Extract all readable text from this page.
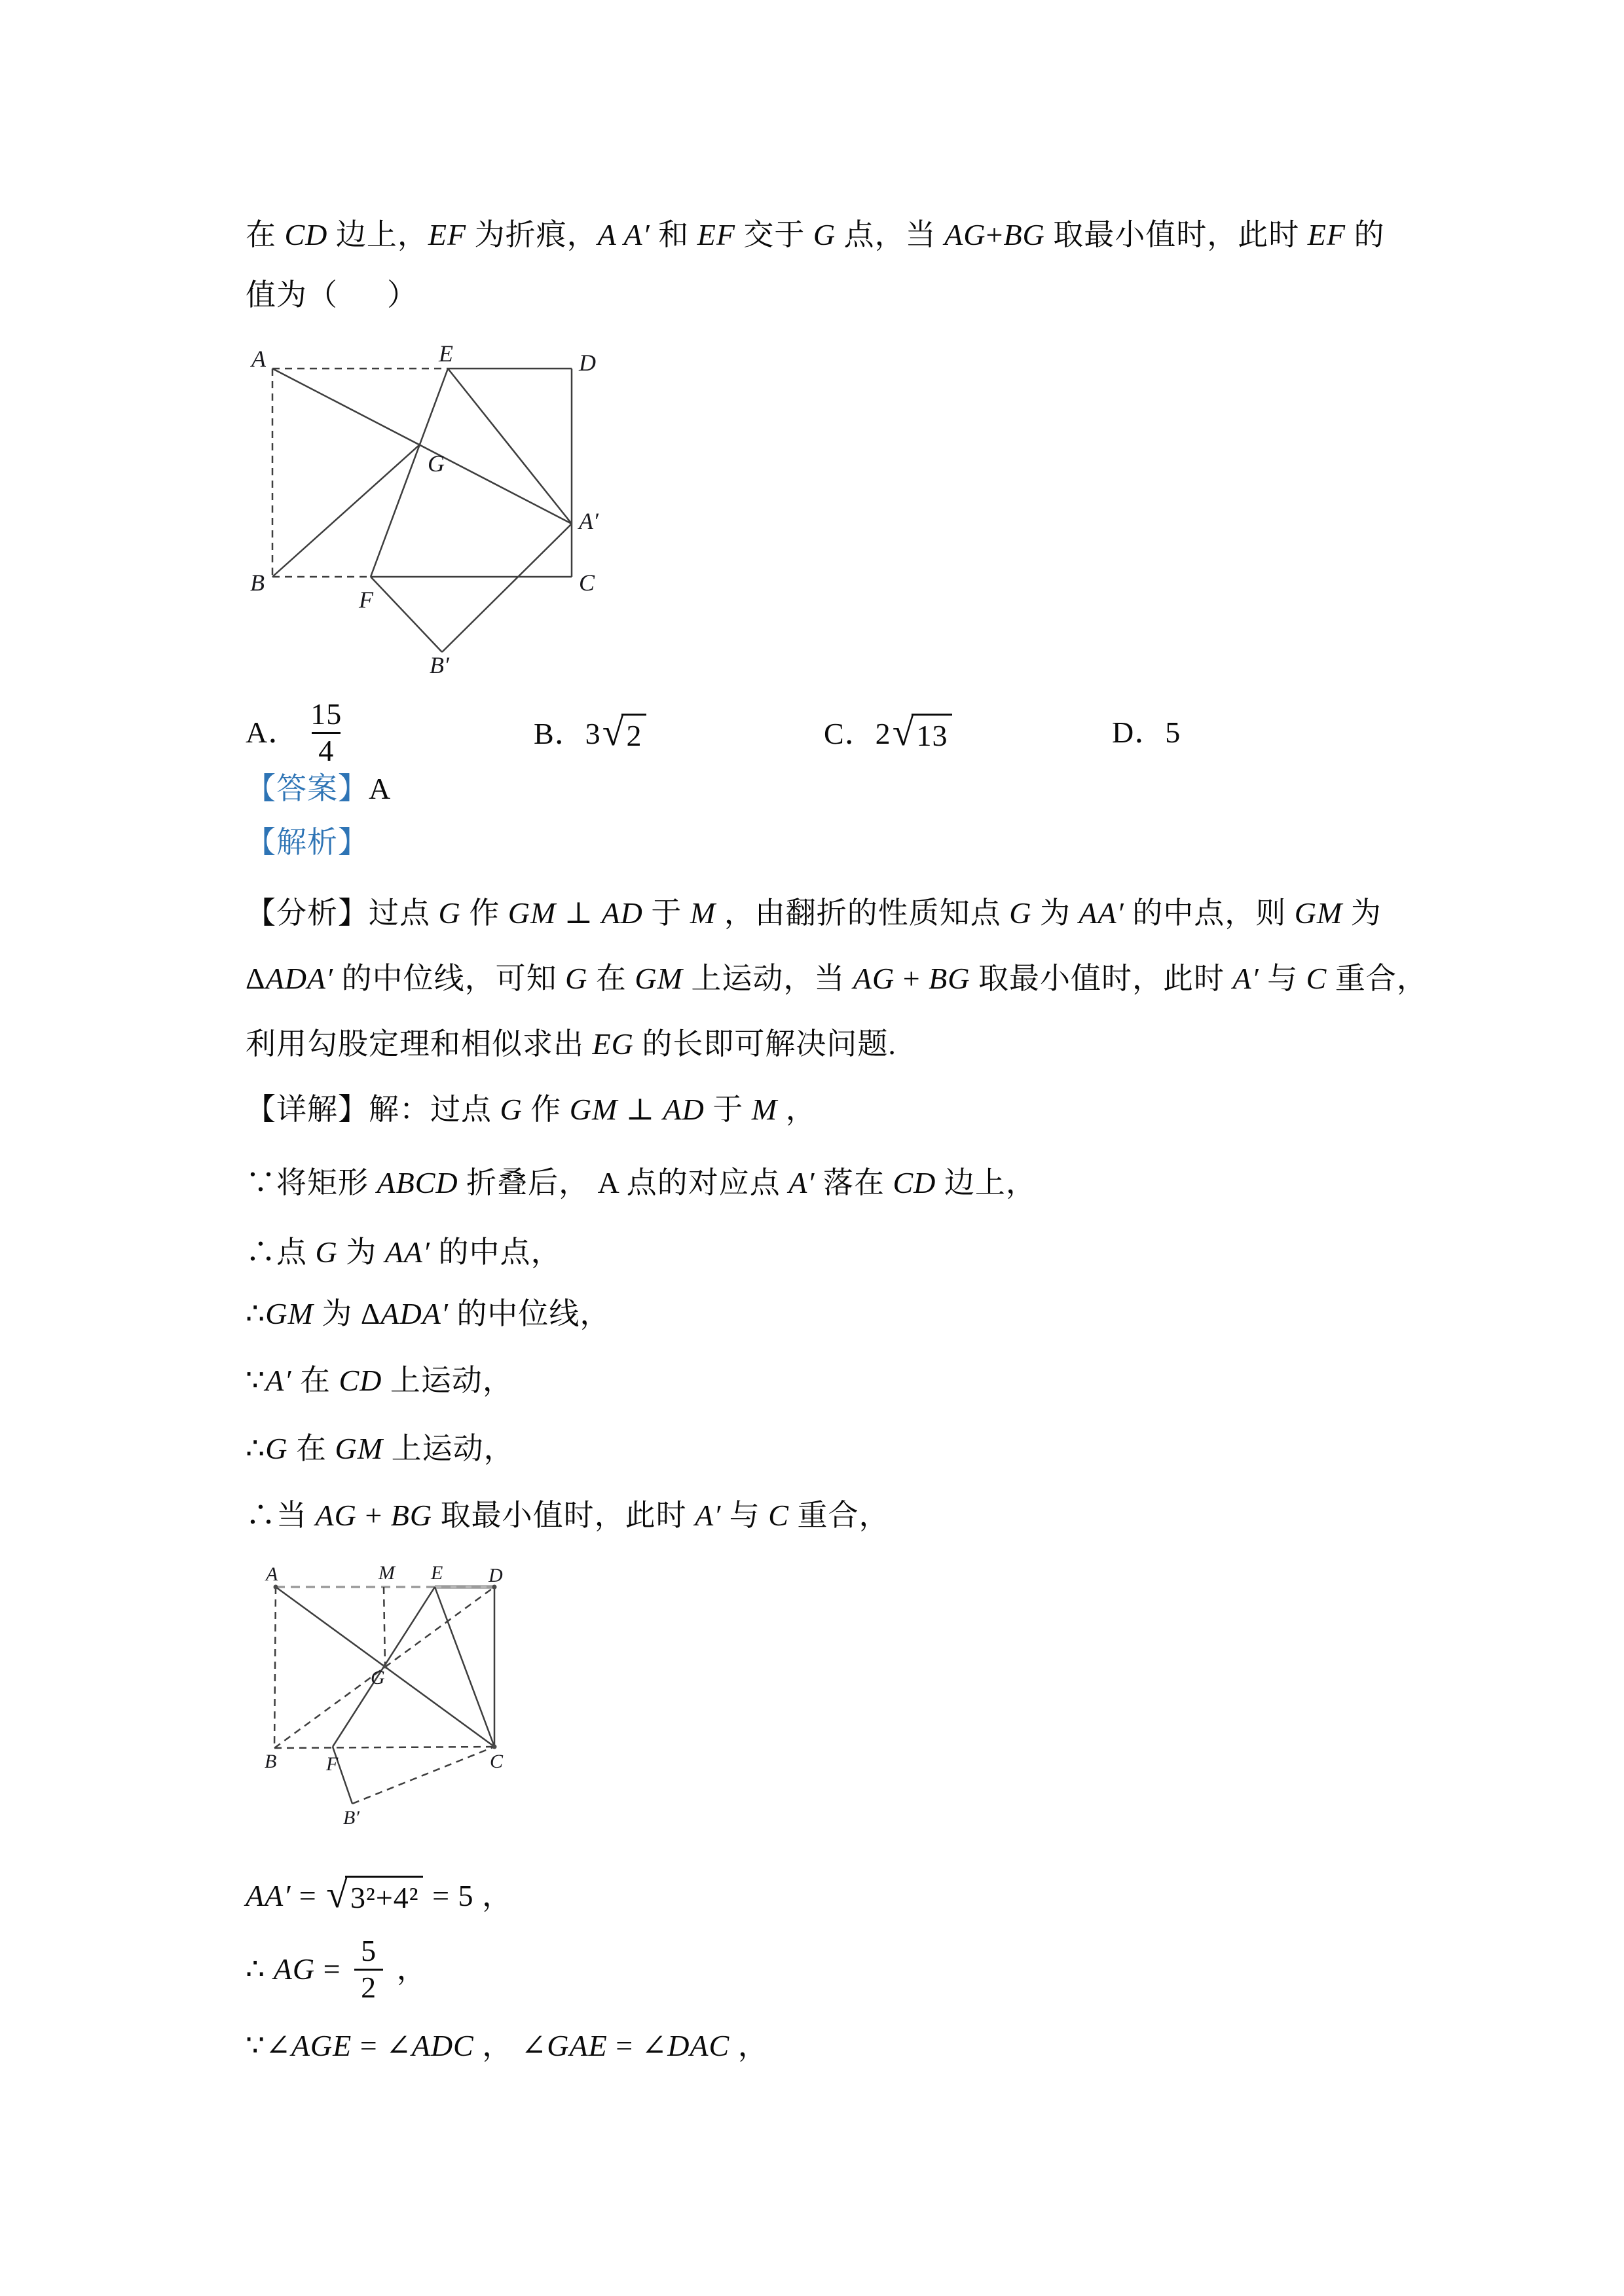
在 CD 边上，EF 为折痕，A A′ 和 EF 交于 G 点，当 AG+BG 取最小值时，此时 EF 的
值为（      ）
A	E	D
G
A′
B
F
C
B′
A． $\frac{15}{4}$	B．3 √ 2	C．2 √ 13	D．5
【答案】A
【解析】
【分析】过点 G 作 GM ⊥ AD 于 M ，由翻折的性质知点 G 为 AA′ 的中点，则 GM 为
ΔADA′ 的中位线，可知 G 在 GM 上运动，当 AG + BG 取最小值时，此时 A′ 与 C 重合，
利用勾股定理和相似求出 EG 的长即可解决问题.
【详解】解：过点 G 作 GM ⊥ AD 于 M ，
∵将矩形 ABCD 折叠后， A 点的对应点 A′ 落在 CD 边上，
∴点 G 为 AA′ 的中点，
∴GM 为 ΔADA′ 的中位线，
∵A′ 在 CD 上运动，
∴G 在 GM 上运动，
∴当 AG + BG 取最小值时，此时 A′ 与 C 重合，
A	M E D
G
B	F	C
B′
AA′ = √ 3²+4² = 5 ，
∴ AG = $\frac{5}{2}$ ，
∵∠AGE = ∠ADC ， ∠GAE = ∠DAC ，
